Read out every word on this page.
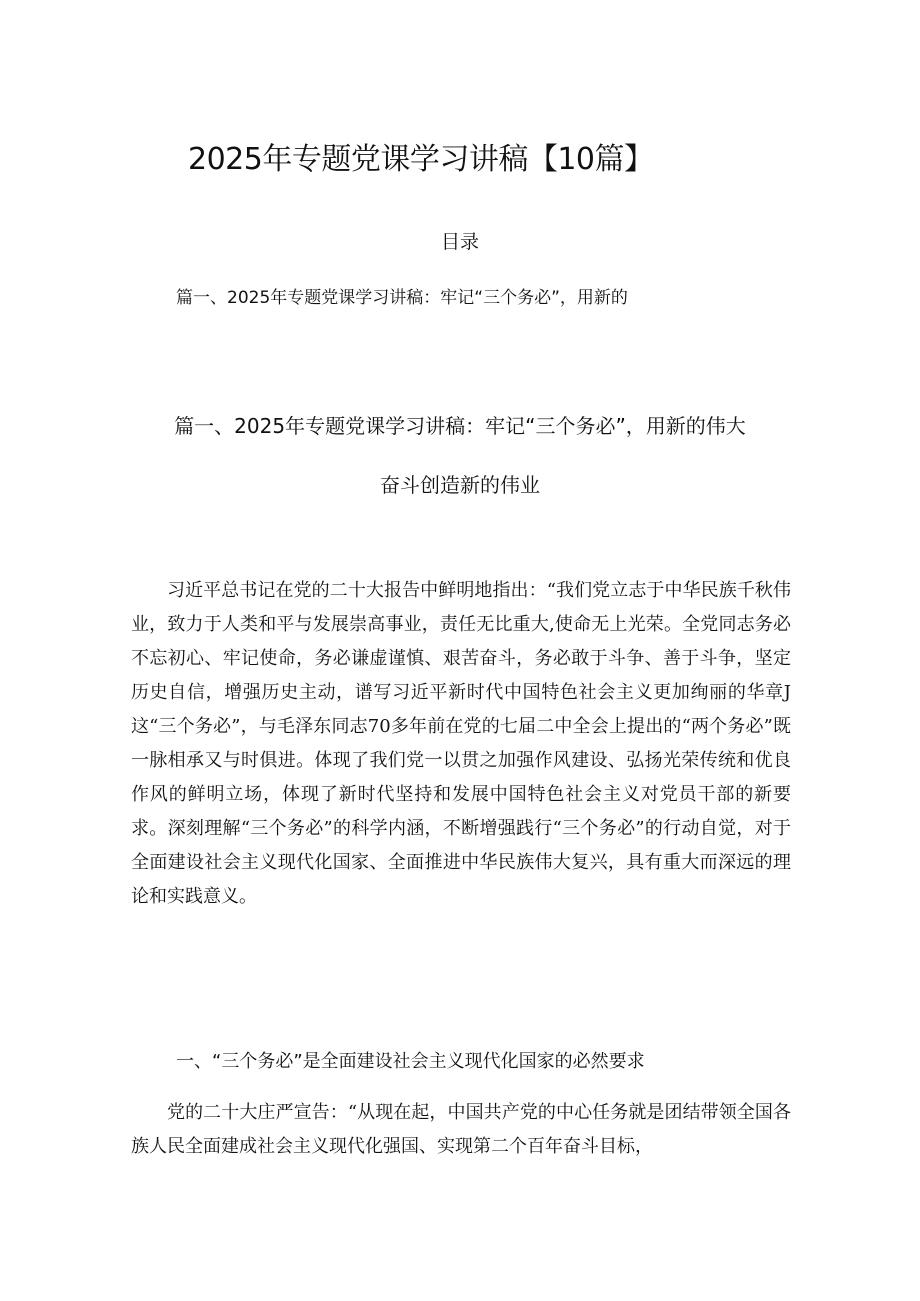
2025年专题党课学习讲稿【10篇】
目录
篇一、2025年专题党课学习讲稿：牢记“三个务必”，用新的
篇一、2025年专题党课学习讲稿：牢记“三个务必”，用新的伟大
奋斗创造新的伟业

习近平总书记在党的二十大报告中鲜明地指出：“我们党立志于中华民族千秋伟业，致力于人类和平与发展崇高事业，责任无比重大,使命无上光荣。全党同志务必不忘初心、牢记使命，务必谦虚谨慎、艰苦奋斗，务必敢于斗争、善于斗争，坚定历史自信，增强历史主动，谱写习近平新时代中国特色社会主义更加绚丽的华章J这“三个务必”，与毛泽东同志70多年前在党的七届二中全会上提出的“两个务必”既一脉相承又与时俱进。体现了我们党一以贯之加强作风建设、弘扬光荣传统和优良作风的鲜明立场，体现了新时代坚持和发展中国特色社会主义对党员干部的新要求。深刻理解“三个务必”的科学内涵，不断增强践行“三个务必”的行动自觉，对于全面建设社会主义现代化国家、全面推进中华民族伟大复兴，具有重大而深远的理论和实践意义。

一、“三个务必”是全面建设社会主义现代化国家的必然要求

党的二十大庄严宣告：“从现在起，中国共产党的中心任务就是团结带领全国各族人民全面建成社会主义现代化强国、实现第二个百年奋斗目标，
